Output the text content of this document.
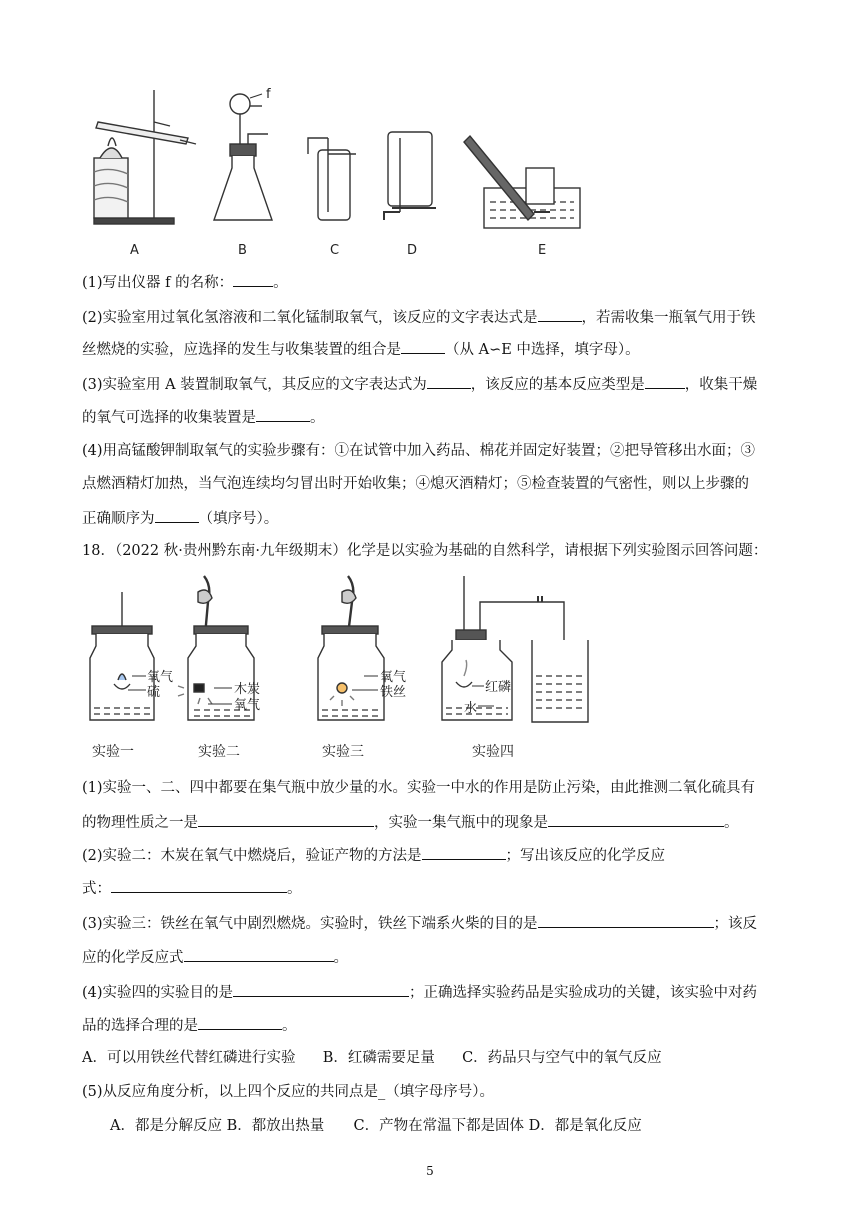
f
A	B	C	D	E
(1)写出仪器 f 的名称：	。
(2)实验室用过氧化氢溶液和二氧化锰制取氧气，该反应的文字表达式是	，若需收集一瓶氧气用于铁
丝燃烧的实验，应选择的发生与收集装置的组合是	（从 A∽E 中选择，填字母）。
(3)实验室用 A 装置制取氧气，其反应的文字表达式为	，该反应的基本反应类型是	，收集干燥
的氧气可选择的收集装置是	。
(4)用高锰酸钾制取氧气的实验步骤有：①在试管中加入药品、棉花并固定好装置；②把导管移出水面；③
点燃酒精灯加热，当气泡连续均匀冒出时开始收集；④熄灭酒精灯；⑤检查装置的气密性，则以上步骤的
正确顺序为	（填序号）。
18．（2022 秋·贵州黔东南·九年级期末）化学是以实验为基础的自然科学，请根据下列实验图示回答问题：
氧气
硫	木炭
氧气
氧气
铁丝	红磷
水
实验一	实验二	实验三	实验四
(1)实验一、二、四中都要在集气瓶中放少量的水。实验一中水的作用是防止污染，由此推测二氧化硫具有
的物理性质之一是	，实验一集气瓶中的现象是	。
(2)实验二：木炭在氧气中燃烧后，验证产物的方法是	；写出该反应的化学反应
式：	。
(3)实验三：铁丝在氧气中剧烈燃烧。实验时，铁丝下端系火柴的目的是	；该反
应的化学反应式	。
(4)实验四的实验目的是	；正确选择实验药品是实验成功的关键，该实验中对药
品的选择合理的是	。
A．可以用铁丝代替红磷进行实验 B．红磷需要足量 C．药品只与空气中的氧气反应
(5)从反应角度分析，以上四个反应的共同点是_（填字母序号）。
A．都是分解反应 B．都放出热量 C．产物在常温下都是固体 D．都是氧化反应
5
